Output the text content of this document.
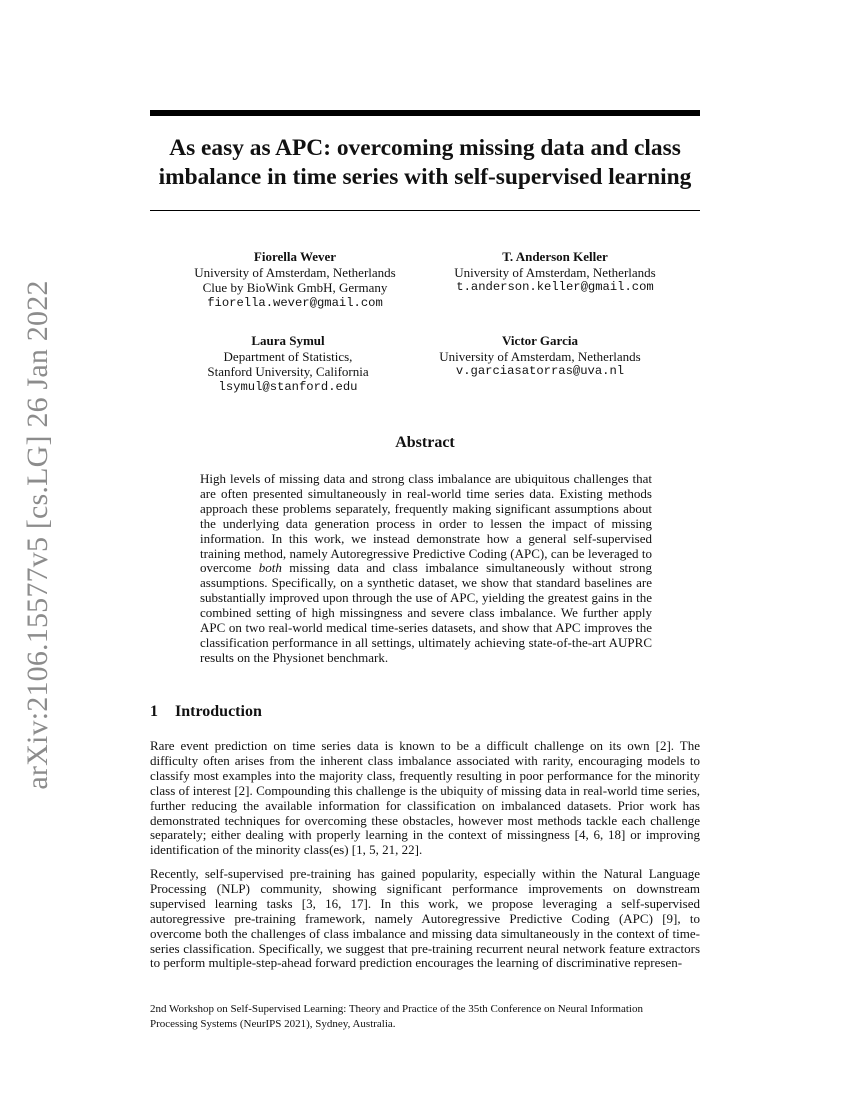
arXiv:2106.15577v5 [cs.LG] 26 Jan 2022
As easy as APC: overcoming missing data and class
imbalance in time series with self-supervised learning
Fiorella Wever
University of Amsterdam, Netherlands
Clue by BioWink GmbH, Germany
fiorella.wever@gmail.com
T. Anderson Keller
University of Amsterdam, Netherlands
t.anderson.keller@gmail.com
Laura Symul
Department of Statistics,
Stanford University, California
lsymul@stanford.edu
Victor Garcia
University of Amsterdam, Netherlands
v.garciasatorras@uva.nl
Abstract

High levels of missing data and strong class imbalance are ubiquitous challenges that are often presented simultaneously in real-world time series data. Existing methods approach these problems separately, frequently making significant assumptions about the underlying data generation process in order to lessen the impact of missing information. In this work, we instead demonstrate how a general self-supervised training method, namely Autoregressive Predictive Coding (APC), can be leveraged to overcome both missing data and class imbalance simultaneously without strong assumptions. Specifically, on a synthetic dataset, we show that standard baselines are substantially improved upon through the use of APC, yielding the greatest gains in the combined setting of high missingness and severe class imbalance. We further apply APC on two real-world medical time-series datasets, and show that APC improves the classification performance in all settings, ultimately achieving state-of-the-art AUPRC results on the Physionet benchmark.

1 Introduction

Rare event prediction on time series data is known to be a difficult challenge on its own [2]. The difficulty often arises from the inherent class imbalance associated with rarity, encouraging models to classify most examples into the majority class, frequently resulting in poor performance for the minority class of interest [2]. Compounding this challenge is the ubiquity of missing data in real-world time series, further reducing the available information for classification on imbalanced datasets. Prior work has demonstrated techniques for overcoming these obstacles, however most methods tackle each challenge separately; either dealing with properly learning in the context of missingness [4, 6, 18] or improving identification of the minority class(es) [1, 5, 21, 22].

Recently, self-supervised pre-training has gained popularity, especially within the Natural Language Processing (NLP) community, showing significant performance improvements on downstream supervised learning tasks [3, 16, 17]. In this work, we propose leveraging a self-supervised autoregressive pre-training framework, namely Autoregressive Predictive Coding (APC) [9], to overcome both the challenges of class imbalance and missing data simultaneously in the context of time-series classification. Specifically, we suggest that pre-training recurrent neural network feature extractors to perform multiple-step-ahead forward prediction encourages the learning of discriminative represen-

2nd Workshop on Self-Supervised Learning: Theory and Practice of the 35th Conference on Neural Information
Processing Systems (NeurIPS 2021), Sydney, Australia.
